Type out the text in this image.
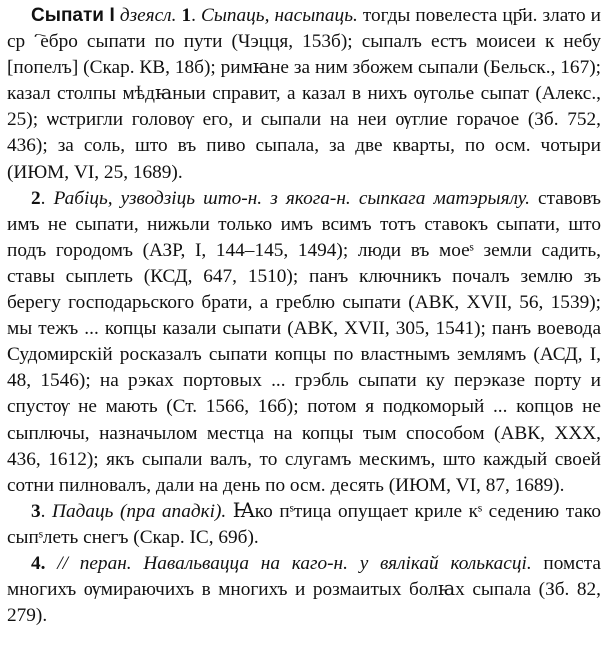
Сыпати I дзеясл. 1. Сыпаць, насыпаць. тогды повелеста цр҃и. злато и срⷮ҇ебро сыпати по пути (Чэцця, 153б); сыпалъ естъ моисеи к небу [попелъ] (Скар. КВ, 18б); римꙗне за ним збожем сыпали (Бельск., 167); казал столпы мѣдꙗныи справит, а казал в нихъ ѹголье сыпат (Алекс., 25); ѡстригли головѹ его, и сыпали на неи ѹглие горачое (Зб. 752, 436); за соль, што въ пиво сыпала, за две кварты, по осм. чотыри (ИЮМ, VI, 25, 1689).

2. Рабіць, узводзіць што-н. з якога-н. сыпкага матэрыялу. ставовъ имъ не сыпати, нижьли только имъ всимъ тотъ ставокъ сыпати, што подъ городомъ (АЗР, I, 144–145, 1494); люди въ моеˢ земли садить, ставы сыплеть (КСД, 647, 1510); панъ ключникъ почалъ землю зъ берегу господарьского брати, а греблю сыпати (АВК, XVII, 56, 1539); мы тежъ ... копцы казали сыпати (АВК, XVII, 305, 1541); панъ воевода Судомирскій росказалъ сыпати копцы по властнымъ землямъ (АСД, I, 48, 1546); на рэках портовых ... грэбль сыпати ку перэказе порту и спустѹ не мають (Ст. 1566, 16б); потом я подкоморый ... копцов не сыплючы, назначылом местца на копцы тым способом (АВК, XXX, 436, 1612); якъ сыпали валъ, то слугамъ мескимъ, што каждый своей сотни пилновалъ, дали на день по осм. десять (ИЮМ, VI, 87, 1689).

3. Падаць (пра ападкі). Ꙗко пˢтица опущает криле кˢ седению тако сыпˢлеть снегъ (Скар. IC, 69б).

4. // перан. Навальвацца на каго-н. у вялікай колькасці. помста многихъ ѹмираючихъ в многихъ и розмаитых болꙗх сыпала (Зб. 82, 279).
